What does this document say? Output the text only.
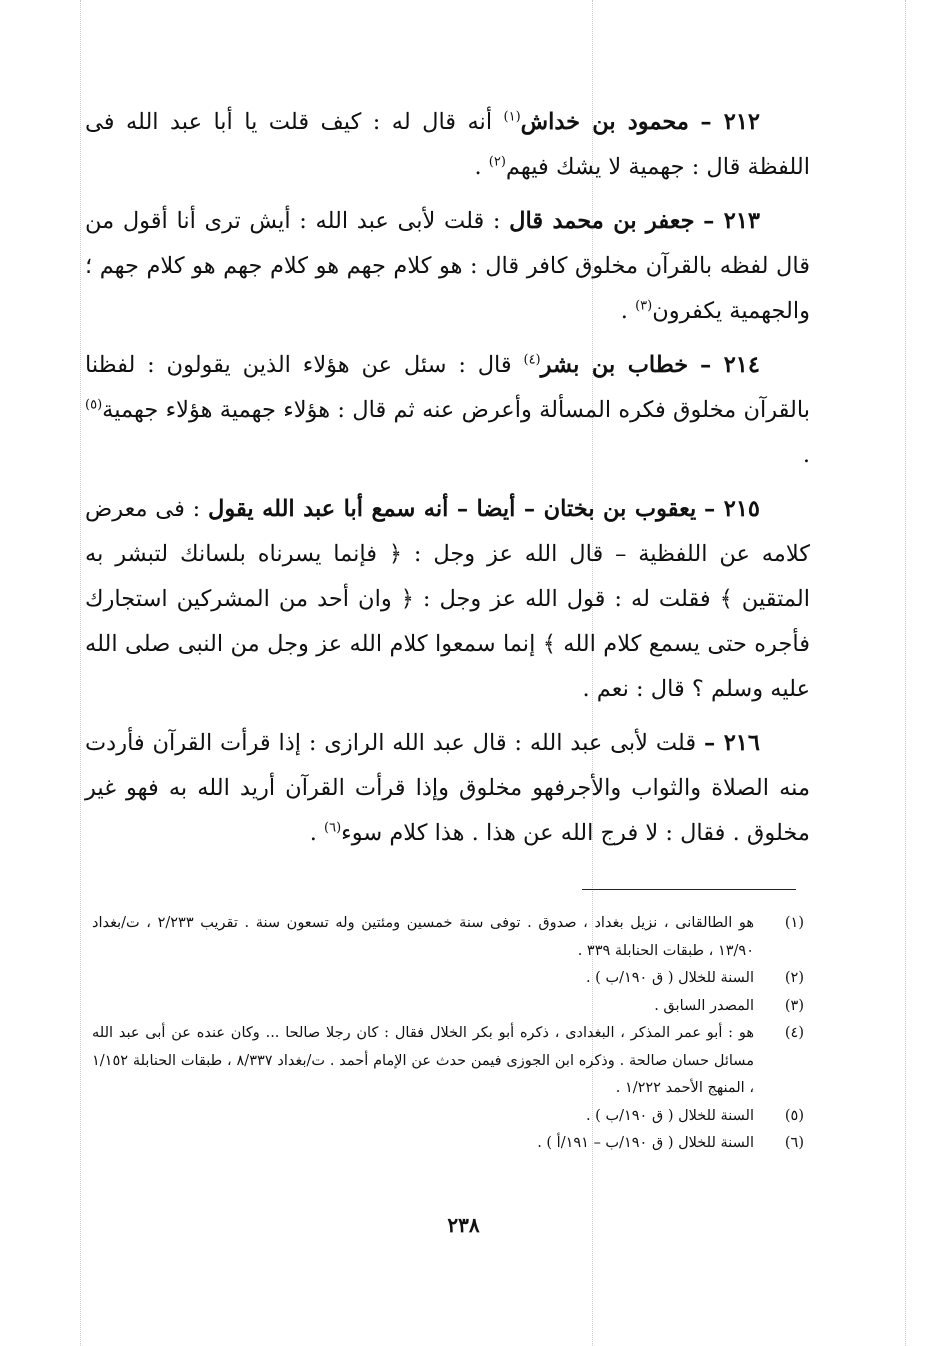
٢١٢ – محمود بن خداش$^{(١)}$ أنه قال له : كيف قلت يا أبا عبد الله فى اللفظة قال : جهمية لا يشك فيهم$^{(٢)}$ .

٢١٣ – جعفر بن محمد قال : قلت لأبى عبد الله : أيش ترى أنا أقول من قال لفظه بالقرآن مخلوق كافر قال : هو كلام جهم هو كلام جهم هو كلام جهم ؛ والجهمية يكفرون$^{(٣)}$ .

٢١٤ – خطاب بن بشر$^{(٤)}$ قال : سئل عن هؤلاء الذين يقولون : لفظنا بالقرآن مخلوق فكره المسألة وأعرض عنه ثم قال : هؤلاء جهمية هؤلاء جهمية$^{(٥)}$ .

٢١٥ – يعقوب بن بختان – أيضا – أنه سمع أبا عبد الله يقول : فى معرض كلامه عن اللفظية – قال الله عز وجل : ﴿ فإنما يسرناه بلسانك لتبشر به المتقين ﴾ فقلت له : قول الله عز وجل : ﴿ وان أحد من المشركين استجارك فأجره حتى يسمع كلام الله ﴾ إنما سمعوا كلام الله عز وجل من النبى صلى الله عليه وسلم ؟ قال : نعم .

٢١٦ – قلت لأبى عبد الله : قال عبد الله الرازى : إذا قرأت القرآن فأردت منه الصلاة والثواب والأجرفهو مخلوق وإذا قرأت القرآن أريد الله به فهو غير مخلوق . فقال : لا فرج الله عن هذا . هذا كلام سوء$^{(٦)}$ .

(١)
هو الطالقانى ، نزيل بغداد ، صدوق . توفى سنة خمسين ومئتين وله تسعون سنة . تقريب ٢/٢٣٣ ، ت/بغداد ١٣/٩٠ ، طبقات الحنابلة ٣٣٩ .
(٢)
السنة للخلال ( ق ١٩٠/ب ) .
(٣)
المصدر السابق .
(٤)
هو : أبو عمر المذكر ، البغدادى ، ذكره أبو بكر الخلال فقال : كان رجلا صالحا ... وكان عنده عن أبى عبد الله مسائل حسان صالحة . وذكره ابن الجوزى فيمن حدث عن الإمام أحمد . ت/بغداد ٨/٣٣٧ ، طبقات الحنابلة ١/١٥٢ ، المنهج الأحمد ١/٢٢٢ .
(٥)
السنة للخلال ( ق ١٩٠/ب ) .
(٦)
السنة للخلال ( ق ١٩٠/ب – ١٩١/أ ) .
٢٣٨
